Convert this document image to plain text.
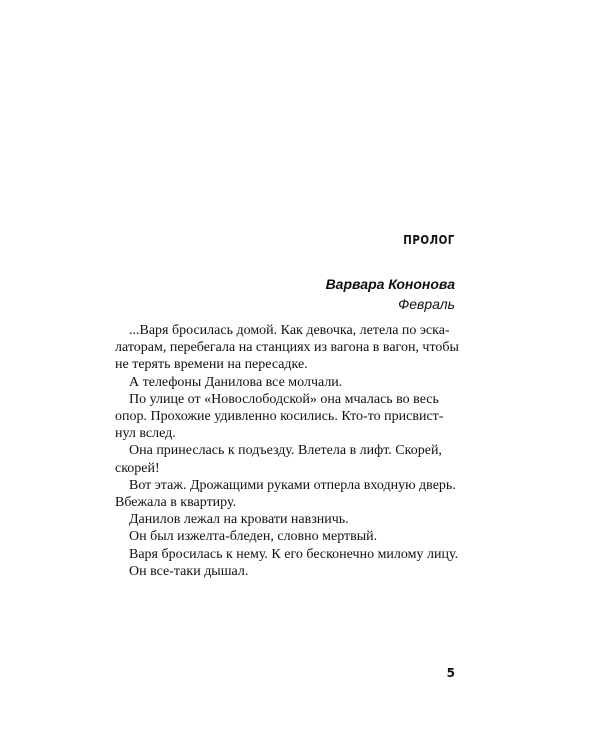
ПРОЛОГ
Варвара Кононова
Февраль
...Варя бросилась домой. Как девочка, летела по эска-
латорам, перебегала на станциях из вагона в вагон, чтобы
не терять времени на пересадке.
А телефоны Данилова все молчали.
По улице от «Новослободской» она мчалась во весь
опор. Прохожие удивленно косились. Кто-то присвист-
нул вслед.
Она принеслась к подъезду. Влетела в лифт. Скорей,
скорей!
Вот этаж. Дрожащими руками отперла входную дверь.
Вбежала в квартиру.
Данилов лежал на кровати навзничь.
Он был изжелта-бледен, словно мертвый.
Варя бросилась к нему. К его бесконечно милому лицу.
Он все-таки дышал.
5
